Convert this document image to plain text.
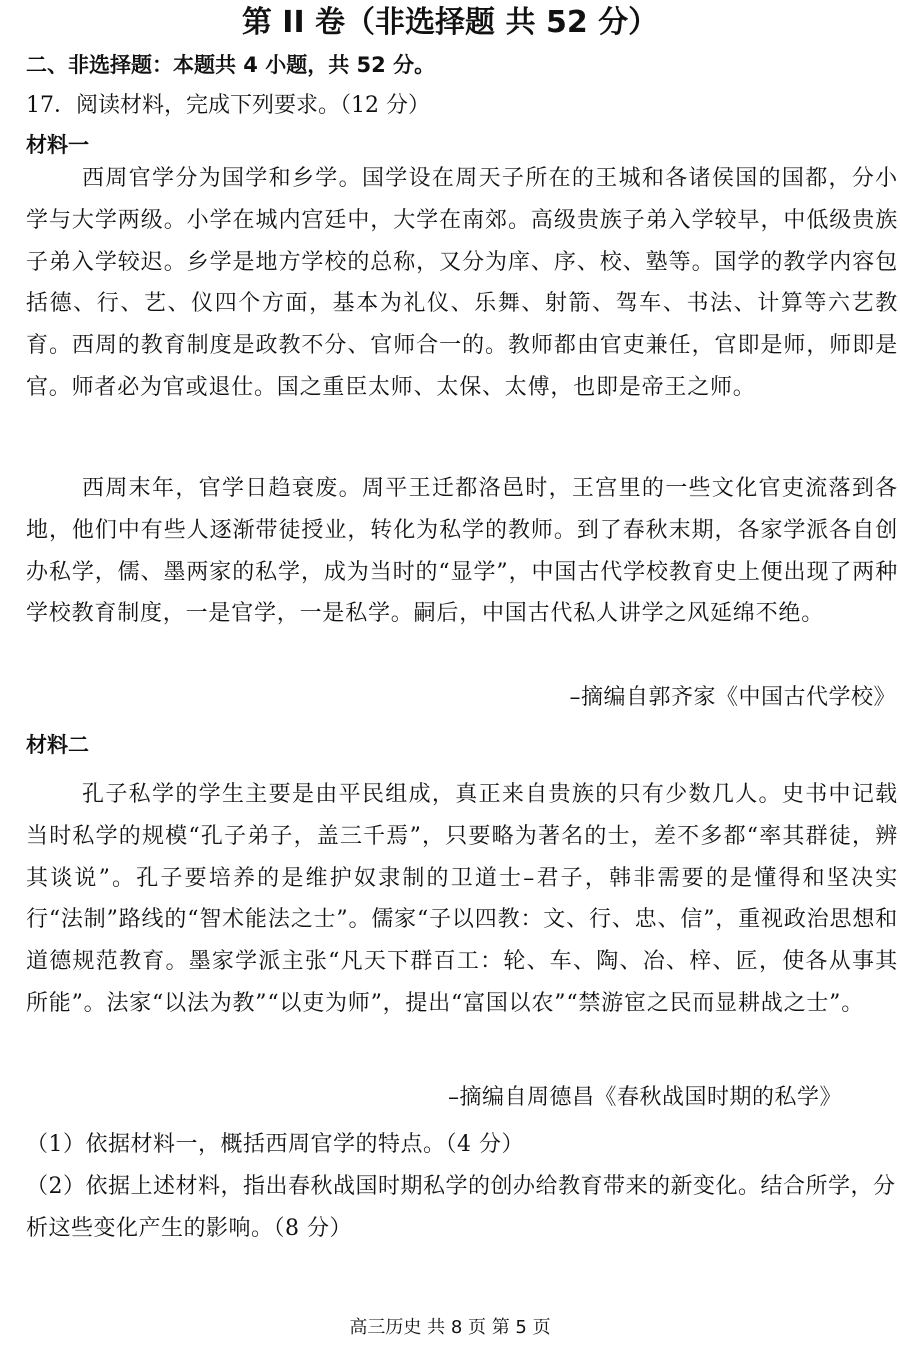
第 II 卷（非选择题 共 52 分）
二、非选择题：本题共 4 小题，共 52 分。
17．阅读材料，完成下列要求。（12 分）
材料一
西周官学分为国学和乡学。国学设在周天子所在的王城和各诸侯国的国都，分小学与大学两级。小学在城内宫廷中，大学在南郊。高级贵族子弟入学较早，中低级贵族子弟入学较迟。乡学是地方学校的总称，又分为庠、序、校、塾等。国学的教学内容包括德、行、艺、仪四个方面，基本为礼仪、乐舞、射箭、驾车、书法、计算等六艺教育。西周的教育制度是政教不分、官师合一的。教师都由官吏兼任，官即是师，师即是官。师者必为官或退仕。国之重臣太师、太保、太傅，也即是帝王之师。
西周末年，官学日趋衰废。周平王迁都洛邑时，王宫里的一些文化官吏流落到各地，他们中有些人逐渐带徒授业，转化为私学的教师。到了春秋末期，各家学派各自创办私学，儒、墨两家的私学，成为当时的“显学”，中国古代学校教育史上便出现了两种学校教育制度，一是官学，一是私学。嗣后，中国古代私人讲学之风延绵不绝。
–摘编自郭齐家《中国古代学校》
材料二
孔子私学的学生主要是由平民组成，真正来自贵族的只有少数几人。史书中记载当时私学的规模“孔子弟子，盖三千焉”，只要略为著名的士，差不多都“率其群徒，辨其谈说”。孔子要培养的是维护奴隶制的卫道士–君子，韩非需要的是懂得和坚决实行“法制”路线的“智术能法之士”。儒家“子以四教：文、行、忠、信”，重视政治思想和道德规范教育。墨家学派主张“凡天下群百工：轮、车、陶、冶、梓、匠，使各从事其所能”。法家“以法为教”“以吏为师”，提出“富国以农”“禁游宦之民而显耕战之士”。
–摘编自周德昌《春秋战国时期的私学》
（1）依据材料一，概括西周官学的特点。（4 分）
（2）依据上述材料，指出春秋战国时期私学的创办给教育带来的新变化。结合所学，分析这些变化产生的影响。（8 分）
高三历史 共 8 页 第 5 页
